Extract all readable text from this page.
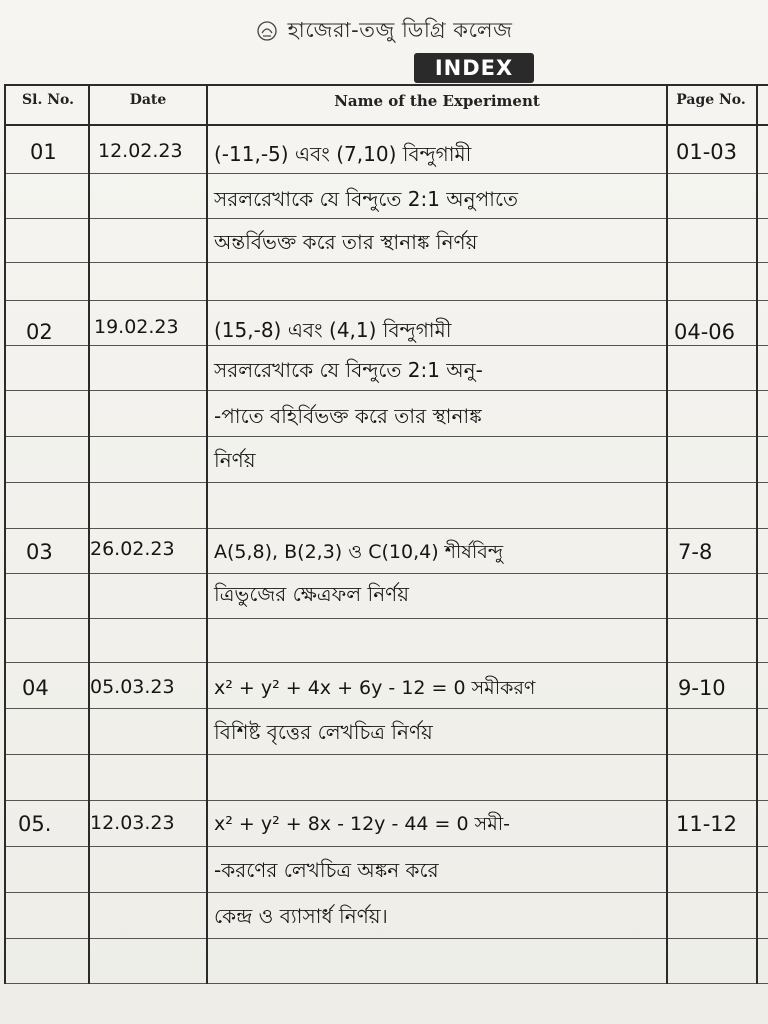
হাজেরা-তজু ডিগ্রি কলেজ
INDEX
Sl. No.	Date	Name of the Experiment	Page No.
01 12.02.23 (-11,-5) এবং (7,10) বিন্দুগামী
সরলরেখাকে যে বিন্দুতে 2:1 অনুপাতে
অন্তর্বিভক্ত করে তার স্থানাঙ্ক নির্ণয়
01-03
02 19.02.23 (15,-8) এবং (4,1) বিন্দুগামী
সরলরেখাকে যে বিন্দুতে 2:1 অনু-
-পাতে বহির্বিভক্ত করে তার স্থানাঙ্ক
নির্ণয়
04-06
03 26.02.23 A(5,8), B(2,3) ও C(10,4) শীর্ষবিন্দু
ত্রিভুজের ক্ষেত্রফল নির্ণয়
7-8
04 05.03.23 x² + y² + 4x + 6y - 12 = 0 সমীকরণ
বিশিষ্ট বৃত্তের লেখচিত্র নির্ণয়
9-10
05. 12.03.23 x² + y² + 8x - 12y - 44 = 0 সমী-
-করণের লেখচিত্র অঙ্কন করে
কেন্দ্র ও ব্যাসার্ধ নির্ণয়।
11-12
